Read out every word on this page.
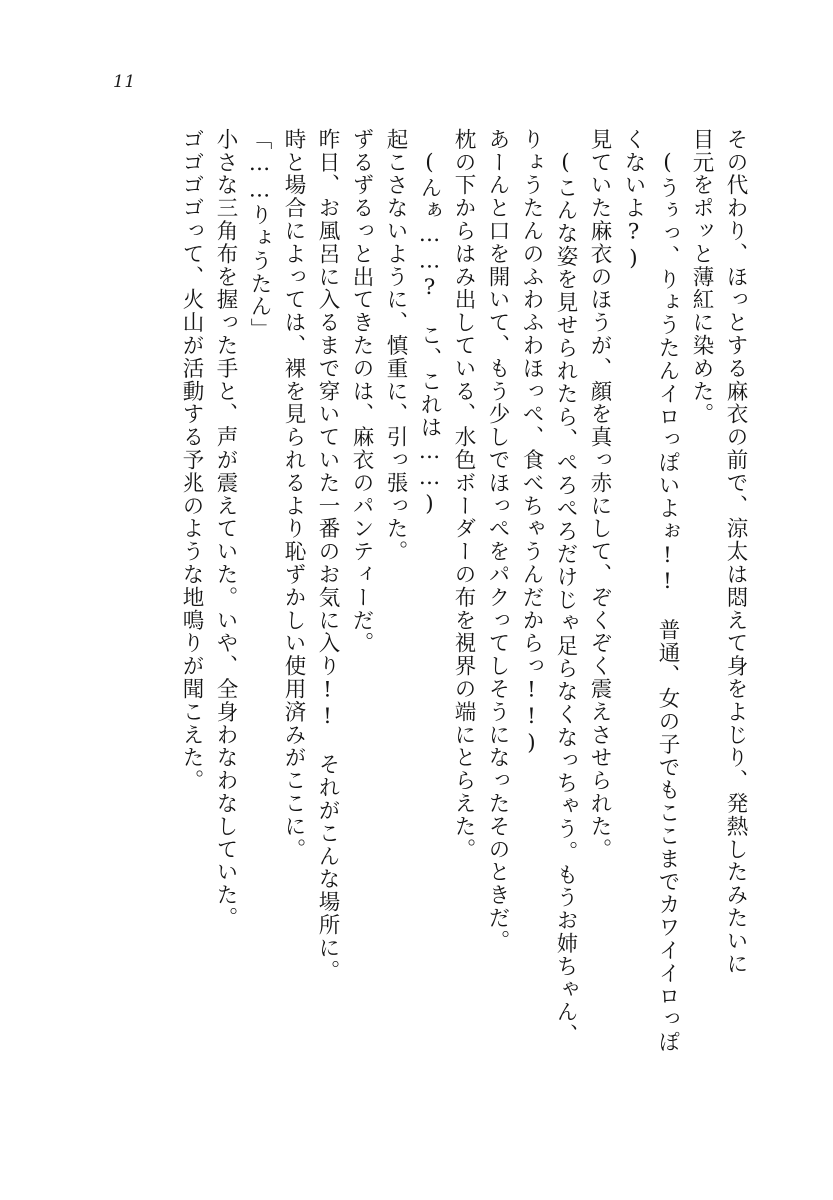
11
その代わり、ほっとする麻衣の前で、涼太は悶えて身をよじり、発熱したみたいに
目元をポッと薄紅に染めた。
(うぅっ、りょうたんイロっぽいよぉ!!　普通、女の子でもここまでカワイイロっぽ
くないよ?)
見ていた麻衣のほうが、顔を真っ赤にして、ぞくぞく震えさせられた。
(こんな姿を見せられたら、ぺろぺろだけじゃ足らなくなっちゃう。もうお姉ちゃん、
りょうたんのふわふわほっぺ、食べちゃうんだからっ!!)
あーんと口を開いて、もう少しでほっぺをパクってしそうになったそのときだ。
枕の下からはみ出している、水色ボーダーの布を視界の端にとらえた。
(んぁ……?　こ、これは……)
起こさないように、慎重に、引っ張った。
ずるずるっと出てきたのは、麻衣のパンティーだ。
昨日、お風呂に入るまで穿いていた一番のお気に入り!!　それがこんな場所に。
時と場合によっては、裸を見られるより恥ずかしい使用済みがここに。
「……りょうたん」
小さな三角布を握った手と、声が震えていた。いや、全身わなわなしていた。
ゴゴゴゴって、火山が活動する予兆のような地鳴りが聞こえた。
